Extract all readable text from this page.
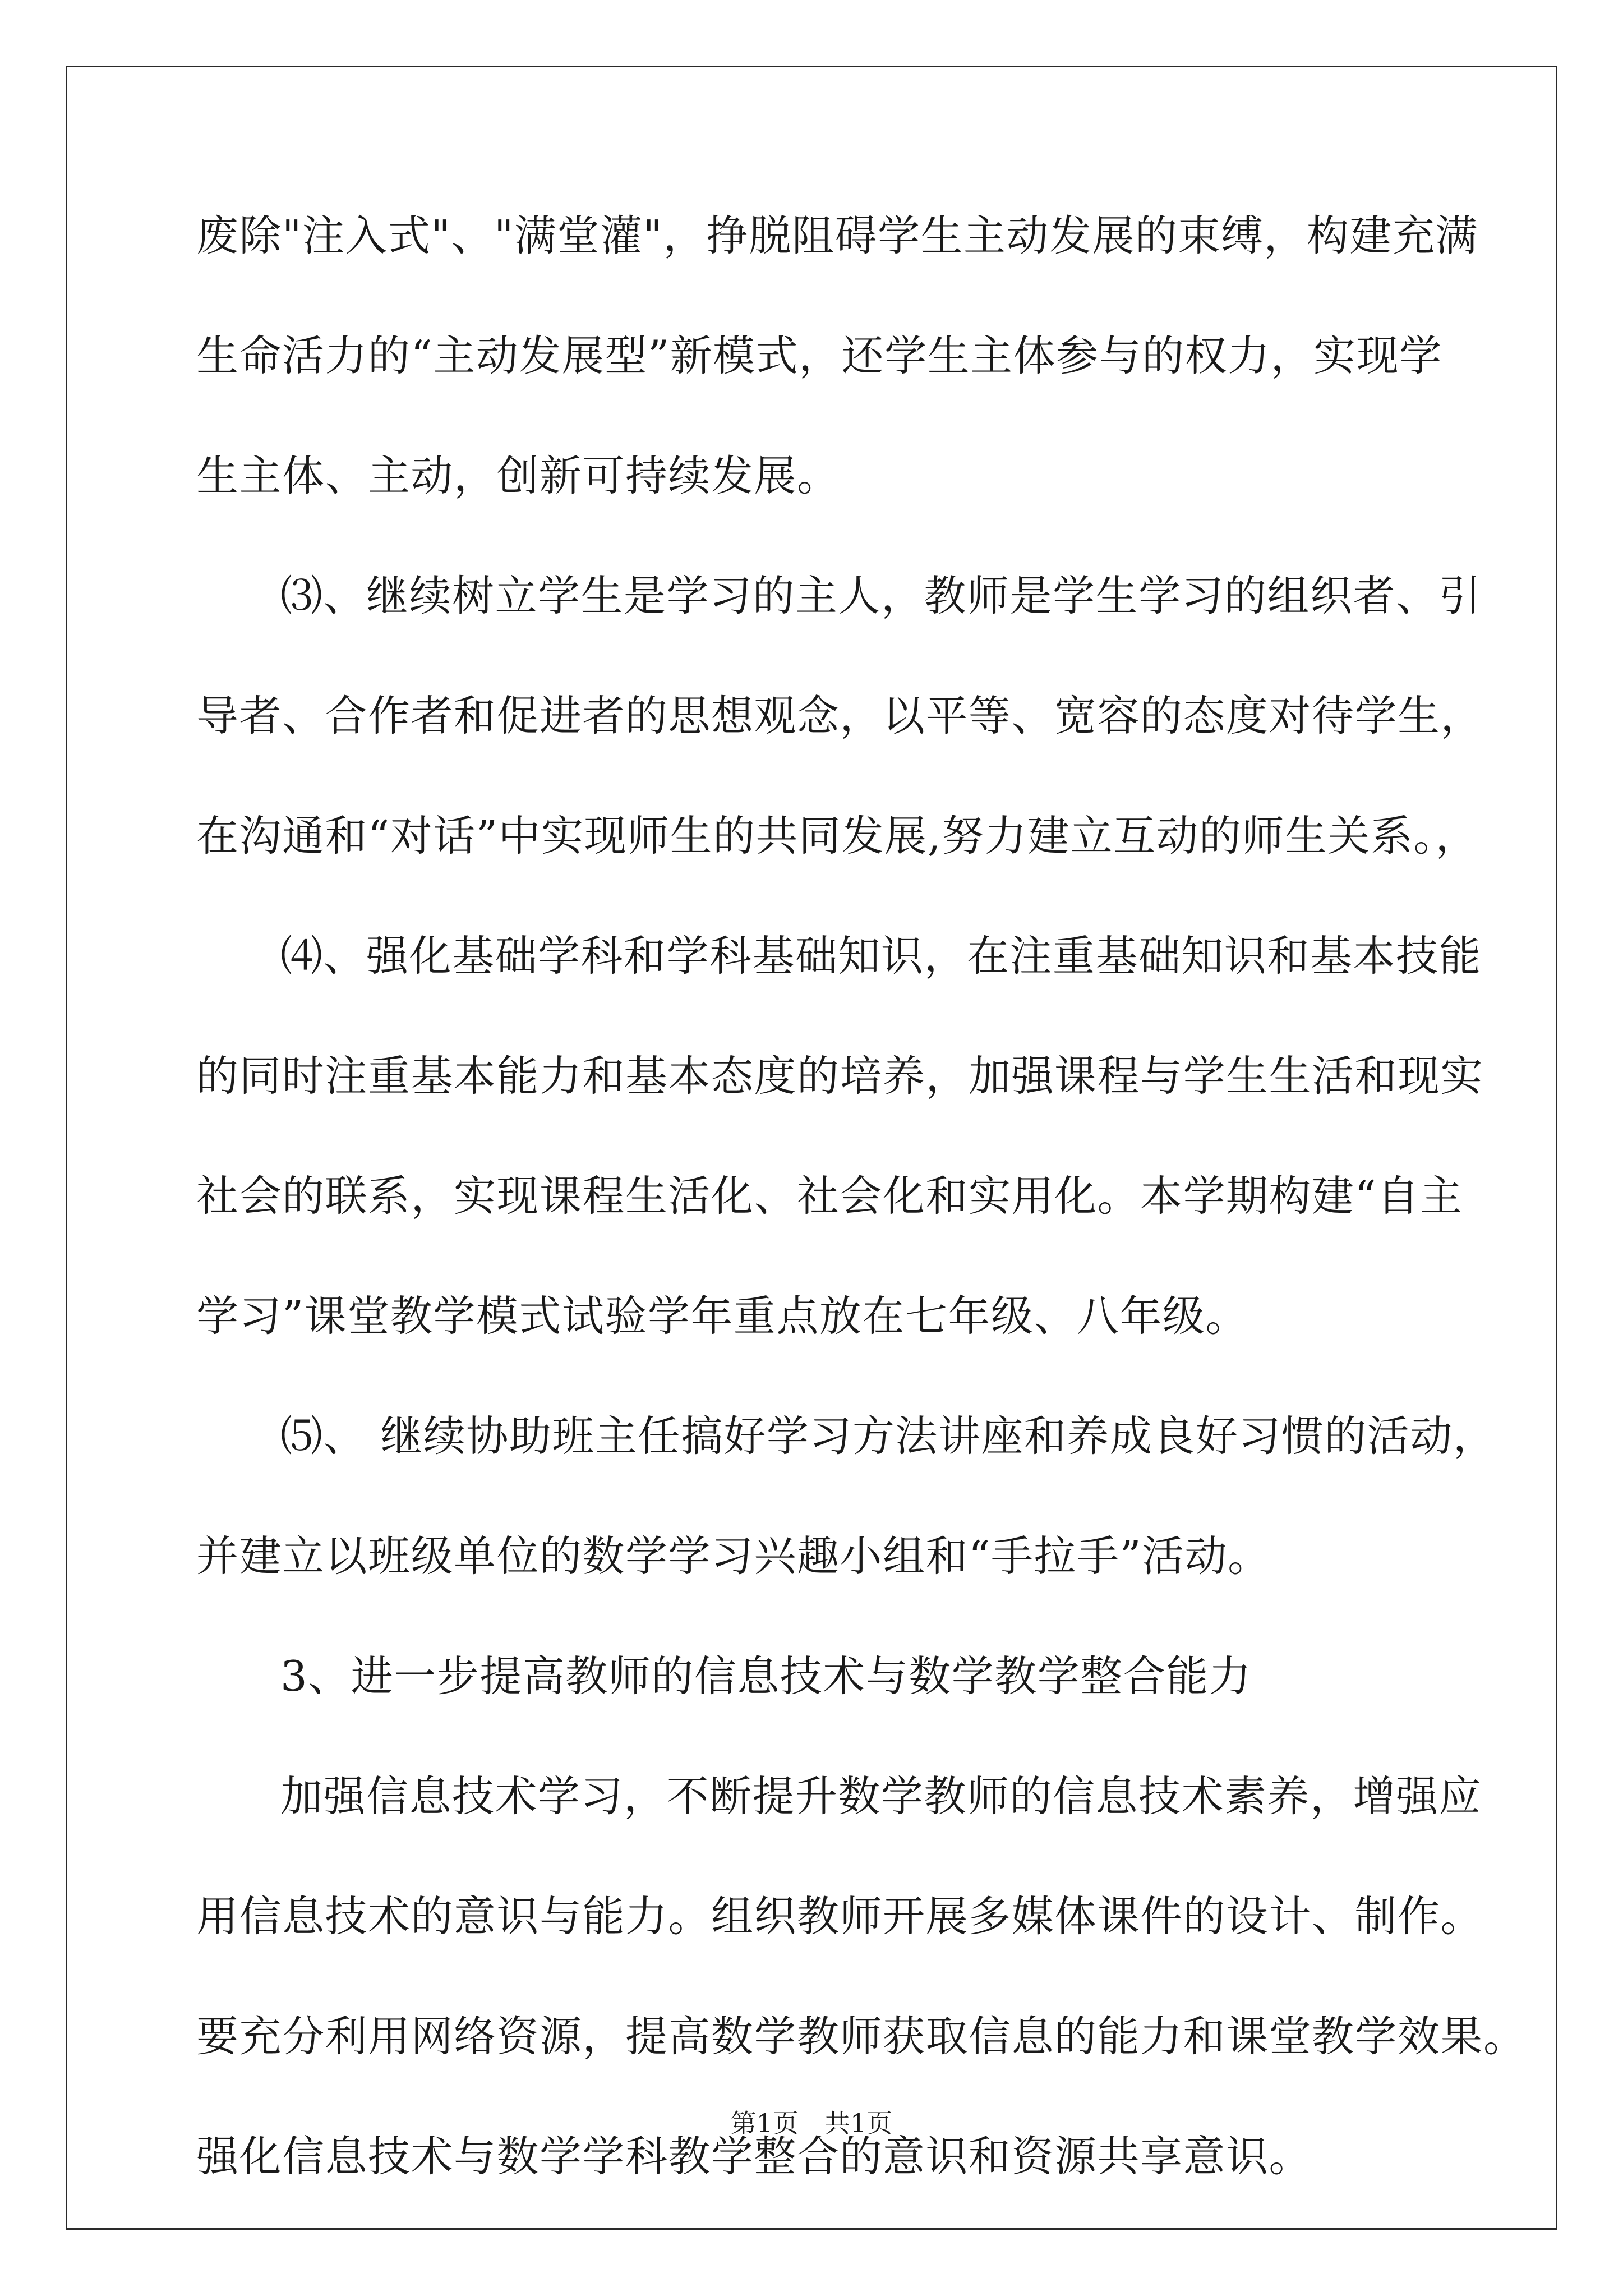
废除"注入式"、"满堂灌"，挣脱阻碍学生主动发展的束缚，构建充满
生命活力的“主动发展型”新模式，还学生主体参与的权力，实现学
生主体、主动，创新可持续发展。
⑶、继续树立学生是学习的主人，教师是学生学习的组织者、引
导者、合作者和促进者的思想观念，以平等、宽容的态度对待学生，
在沟通和“对话”中实现师生的共同发展,努力建立互动的师生关系。，
⑷、强化基础学科和学科基础知识，在注重基础知识和基本技能
的同时注重基本能力和基本态度的培养，加强课程与学生生活和现实
社会的联系，实现课程生活化、社会化和实用化。本学期构建“自主
学习”课堂教学模式试验学年重点放在七年级、八年级。
⑸、 继续协助班主任搞好学习方法讲座和养成良好习惯的活动，
并建立以班级单位的数学学习兴趣小组和“手拉手”活动。
3、进一步提高教师的信息技术与数学教学整合能力
加强信息技术学习，不断提升数学教师的信息技术素养，增强应
用信息技术的意识与能力。组织教师开展多媒体课件的设计、制作。
要充分利用网络资源，提高数学教师获取信息的能力和课堂教学效果。
强化信息技术与数学学科教学整合的意识和资源共享意识。
第1页　共1页
